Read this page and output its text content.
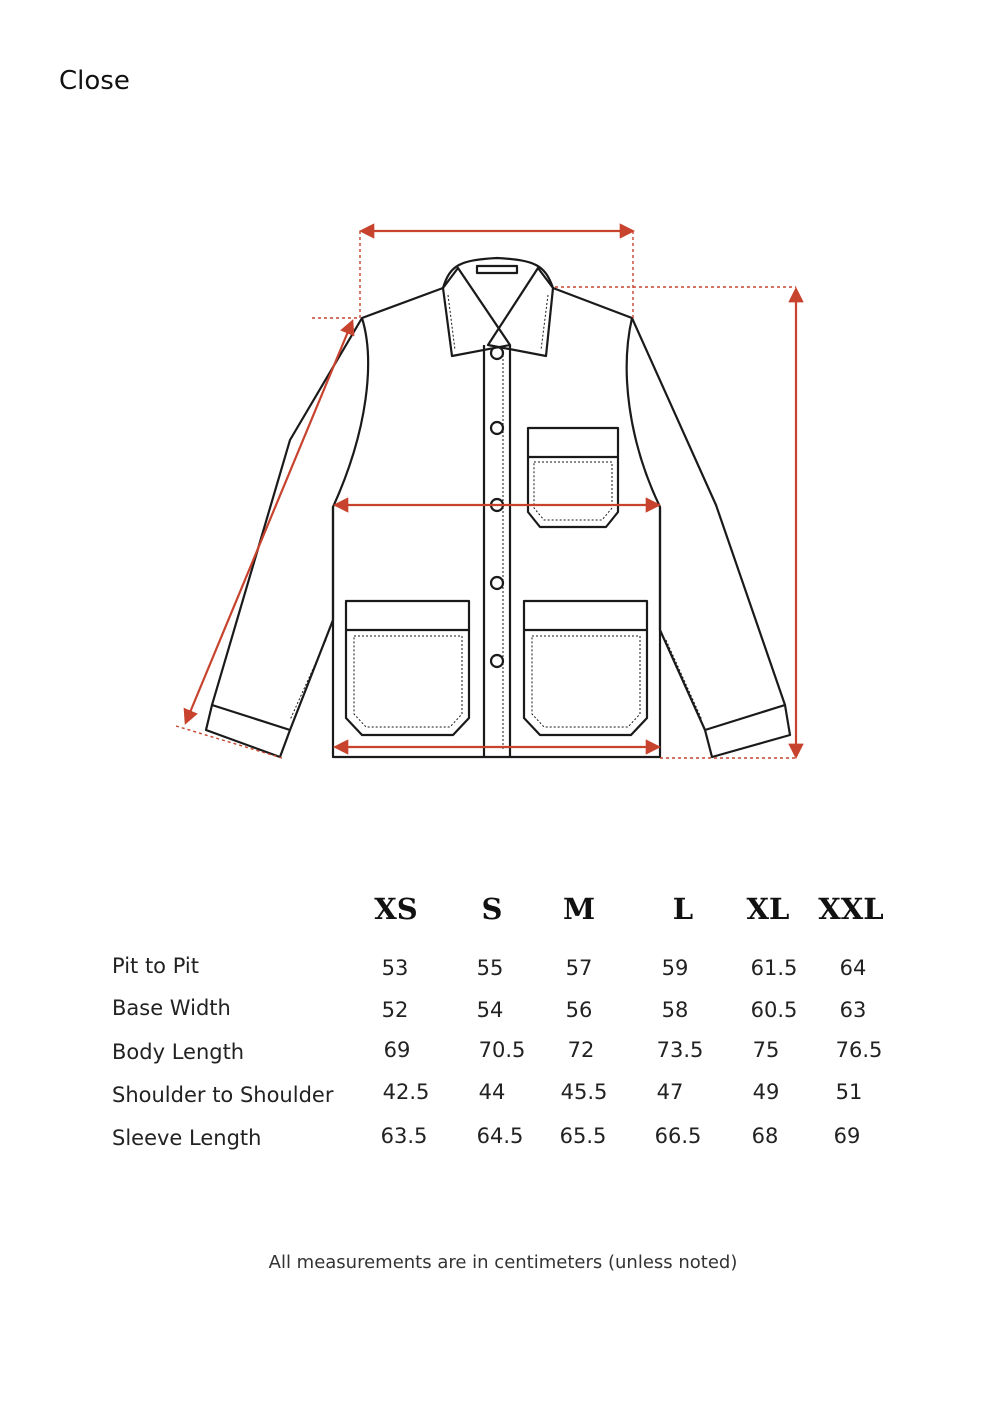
Close
XS S M	L XL XXL
Pit to Pit	53	55	57	59	61.5 64
Base Width	52	54	56	58	60.5 63
Body Length	69	70.5 72	73.5 75	76.5
Shoulder to Shoulder 42.5 44	45.5 47	49	51
Sleeve Length	63.5 64.5 65.5 66.5 68	69
All measurements are in centimeters (unless noted)
